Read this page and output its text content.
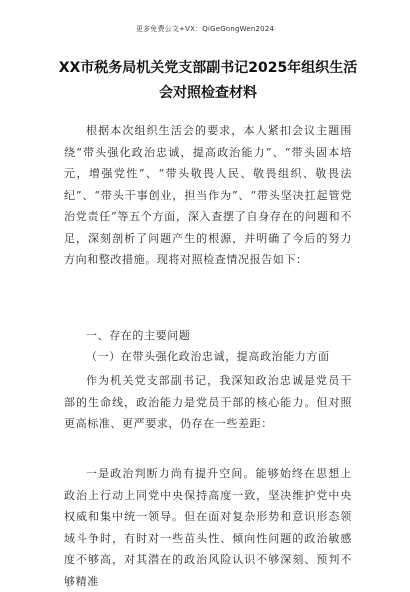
更多免费公文+VX：QiGeGongWen2024
XX市税务局机关党支部副书记2025年组织生活会对照检查材料
根据本次组织生活会的要求，本人紧扣会议主题围绕“带头强化政治忠诚，提高政治能力”、“带头固本培元，增强党性”、“带头敬畏人民、敬畏组织、敬畏法纪”、“带头干事创业，担当作为”、“带头坚决扛起管党治党责任”等五个方面，深入查摆了自身存在的问题和不足，深刻剖析了问题产生的根源，并明确了今后的努力方向和整改措施。现将对照检查情况报告如下：
一、存在的主要问题
（一）在带头强化政治忠诚，提高政治能力方面
作为机关党支部副书记，我深知政治忠诚是党员干部的生命线，政治能力是党员干部的核心能力。但对照更高标准、更严要求，仍存在一些差距：
一是政治判断力尚有提升空间。能够始终在思想上政治上行动上同党中央保持高度一致，坚决维护党中央权威和集中统一领导。但在面对复杂形势和意识形态领域斗争时，有时对一些苗头性、倾向性问题的政治敏感度不够高，对其潜在的政治风险认识不够深刻、预判不够精准
